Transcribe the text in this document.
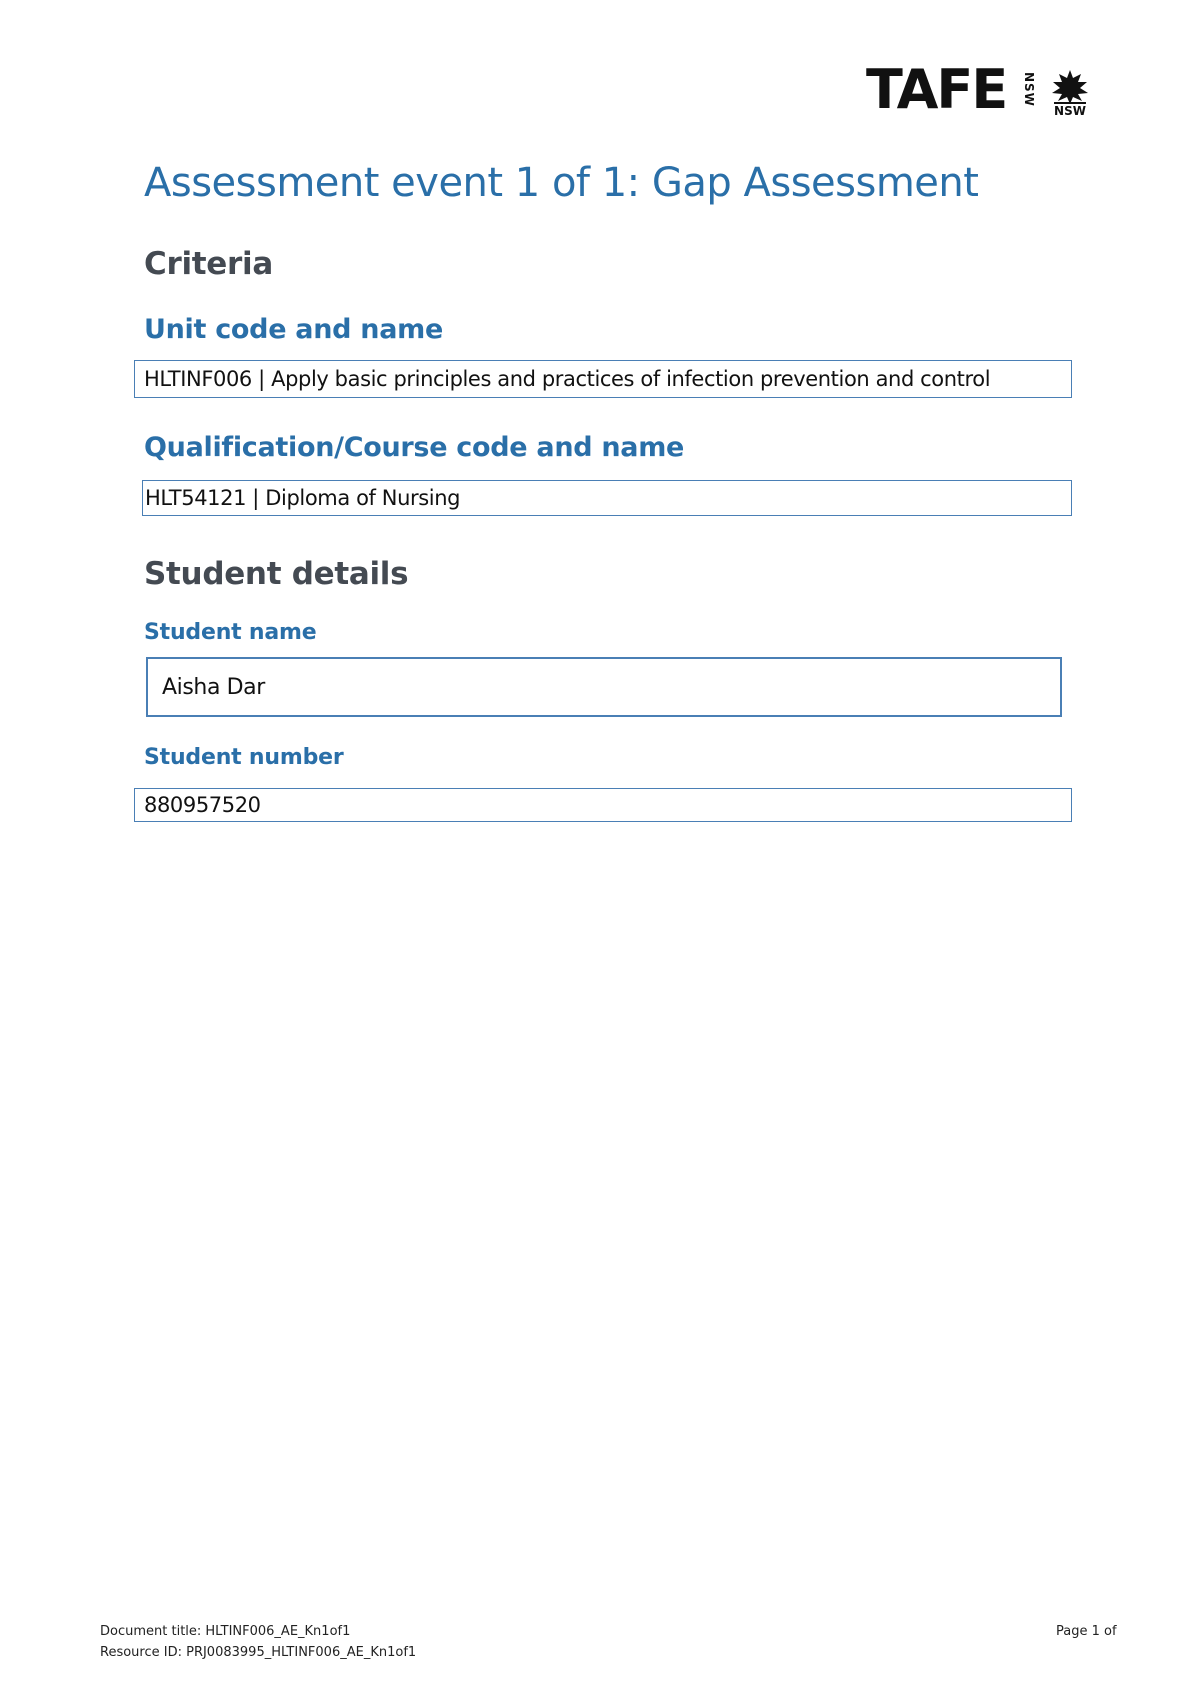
TAFE NSW
NSW
Assessment event 1 of 1: Gap Assessment
Criteria
Unit code and name
HLTINF006 | Apply basic principles and practices of infection prevention and control
Qualification/Course code and name
HLT54121 | Diploma of Nursing
Student details
Student name
Aisha Dar
Student number
880957520
Document title: HLTINF006_AE_Kn1of1
Resource ID: PRJ0083995_HLTINF006_AE_Kn1of1
Page 1 of
